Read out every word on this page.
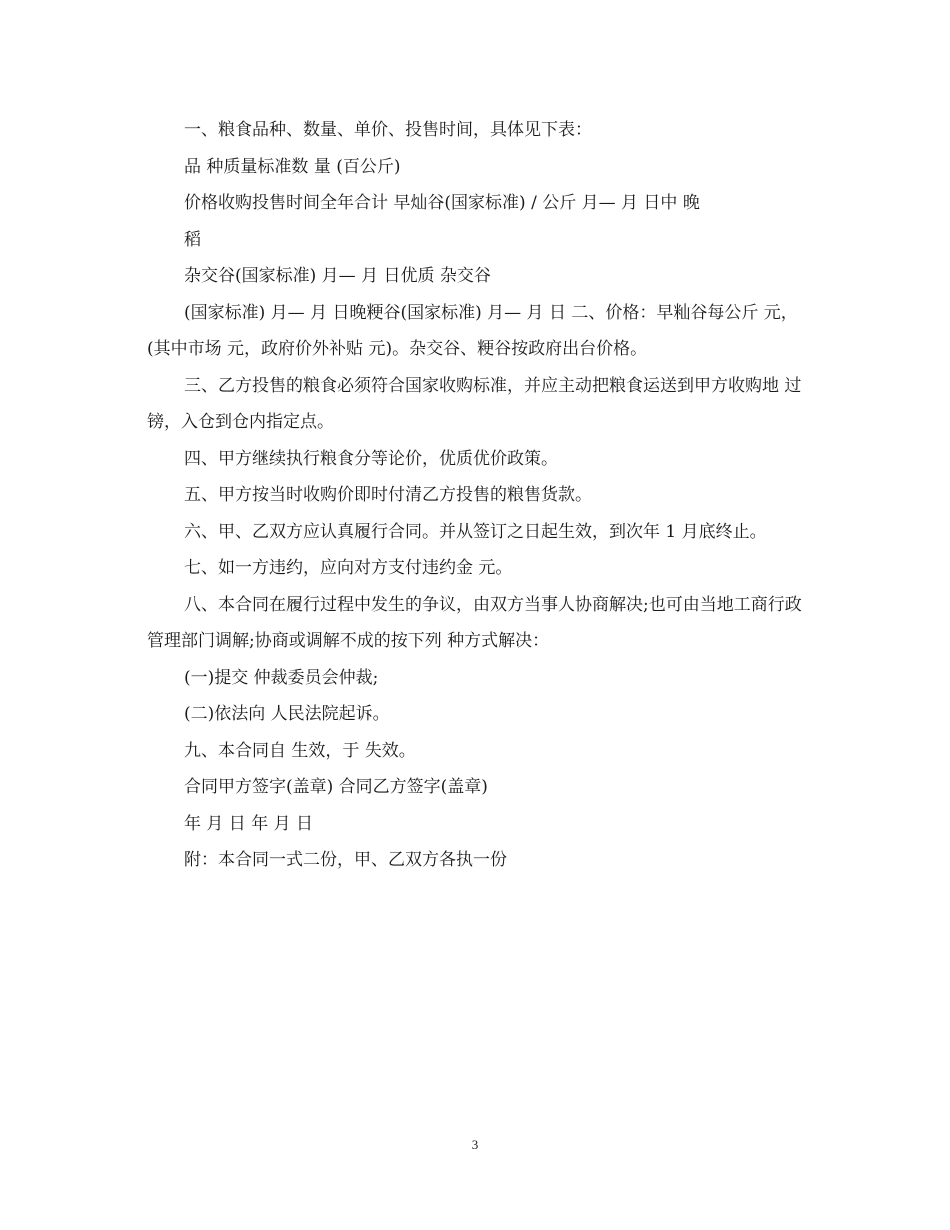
一、粮食品种、数量、单价、投售时间，具体见下表：

品 种质量标准数 量 (百公斤)

价格收购投售时间全年合计 早灿谷(国家标准) / 公斤 月— 月 日中 晚

稻

杂交谷(国家标准) 月— 月 日优质 杂交谷

(国家标准) 月— 月 日晚粳谷(国家标准) 月— 月 日 二、价格：早籼谷每公斤 元，(其中市场 元，政府价外补贴 元)。杂交谷、粳谷按政府出台价格。

三、乙方投售的粮食必须符合国家收购标准，并应主动把粮食运送到甲方收购地 过镑，入仓到仓内指定点。

四、甲方继续执行粮食分等论价，优质优价政策。

五、甲方按当时收购价即时付清乙方投售的粮售货款。

六、甲、乙双方应认真履行合同。并从签订之日起生效，到次年 1 月底终止。

七、如一方违约，应向对方支付违约金 元。

八、本合同在履行过程中发生的争议，由双方当事人协商解决;也可由当地工商行政管理部门调解;协商或调解不成的按下列 种方式解决：

(一)提交 仲裁委员会仲裁;

(二)依法向 人民法院起诉。

九、本合同自 生效，于 失效。

合同甲方签字(盖章) 合同乙方签字(盖章)

年 月 日 年 月 日

附：本合同一式二份，甲、乙双方各执一份

3
